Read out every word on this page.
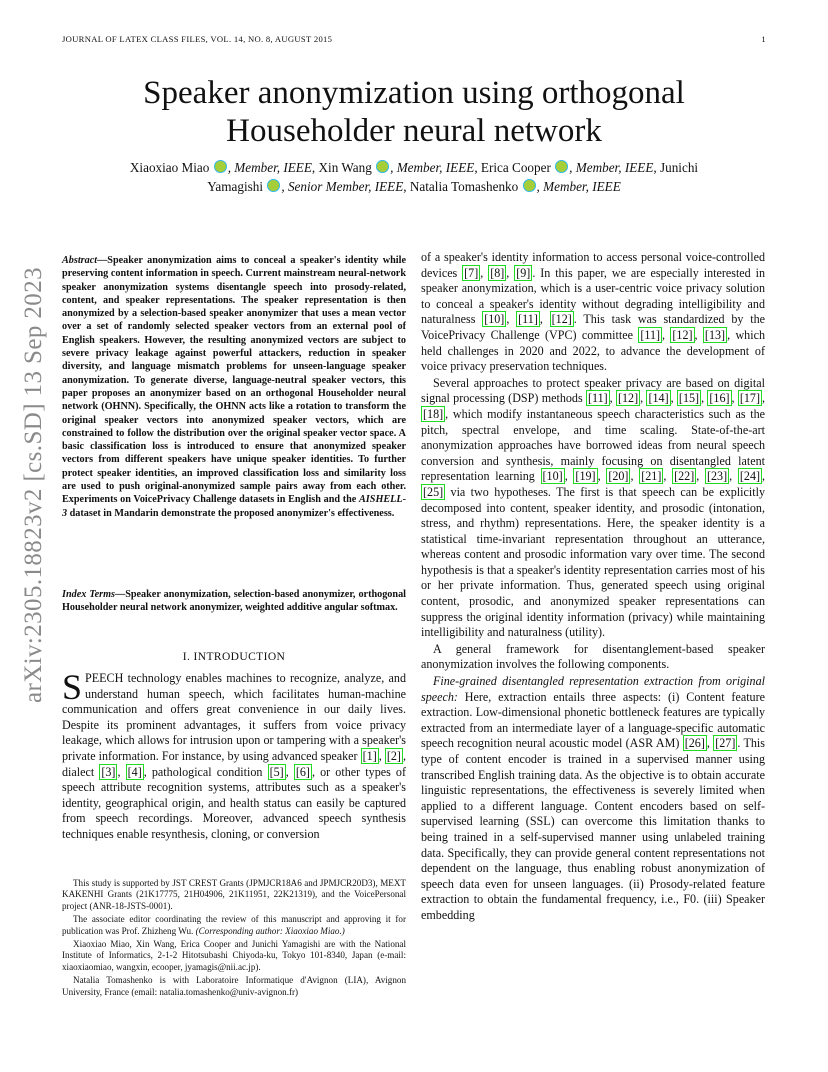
JOURNAL OF LATEX CLASS FILES, VOL. 14, NO. 8, AUGUST 2015	1
arXiv:2305.18823v2 [cs.SD] 13 Sep 2023
Speaker anonymization using orthogonal Householder neural network
Xiaoxiao Miao , Member, IEEE, Xin Wang , Member, IEEE, Erica Cooper , Member, IEEE, Junichi
Yamagishi , Senior Member, IEEE, Natalia Tomashenko , Member, IEEE
Abstract—Speaker anonymization aims to conceal a speaker's identity while preserving content information in speech. Current mainstream neural-network speaker anonymization systems disentangle speech into prosody-related, content, and speaker representations. The speaker representation is then anonymized by a selection-based speaker anonymizer that uses a mean vector over a set of randomly selected speaker vectors from an external pool of English speakers. However, the resulting anonymized vectors are subject to severe privacy leakage against powerful attackers, reduction in speaker diversity, and language mismatch problems for unseen-language speaker anonymization. To generate diverse, language-neutral speaker vectors, this paper proposes an anonymizer based on an orthogonal Householder neural network (OHNN). Specifically, the OHNN acts like a rotation to transform the original speaker vectors into anonymized speaker vectors, which are constrained to follow the distribution over the original speaker vector space. A basic classification loss is introduced to ensure that anonymized speaker vectors from different speakers have unique speaker identities. To further protect speaker identities, an improved classification loss and similarity loss are used to push original-anonymized sample pairs away from each other. Experiments on VoicePrivacy Challenge datasets in English and the AISHELL-3 dataset in Mandarin demonstrate the proposed anonymizer's effectiveness.
Index Terms—Speaker anonymization, selection-based anonymizer, orthogonal Householder neural network anonymizer, weighted additive angular softmax.
I. INTRODUCTION
SPEECH technology enables machines to recognize, analyze, and understand human speech, which facilitates human-machine communication and offers great convenience in our daily lives. Despite its prominent advantages, it suffers from voice privacy leakage, which allows for intrusion upon or tampering with a speaker's private information. For instance, by using advanced speaker [1] , [2] , dialect [3] , [4] , pathological condition [5] , [6] , or other types of speech attribute recognition systems, attributes such as a speaker's identity, geographical origin, and health status can easily be captured from speech recordings. Moreover, advanced speech synthesis techniques enable resynthesis, cloning, or conversion

This study is supported by JST CREST Grants (JPMJCR18A6 and JPMJCR20D3), MEXT KAKENHI Grants (21K17775, 21H04906, 21K11951, 22K21319), and the VoicePersonal project (ANR-18-JSTS-0001).

The associate editor coordinating the review of this manuscript and approving it for publication was Prof. Zhizheng Wu. (Corresponding author: Xiaoxiao Miao.)

Xiaoxiao Miao, Xin Wang, Erica Cooper and Junichi Yamagishi are with the National Institute of Informatics, 2-1-2 Hitotsubashi Chiyoda-ku, Tokyo 101-8340, Japan (e-mail: xiaoxiaomiao, wangxin, ecooper, jyamagis@nii.ac.jp).

Natalia Tomashenko is with Laboratoire Informatique d'Avignon (LIA), Avignon University, France (email: natalia.tomashenko@univ-avignon.fr)

of a speaker's identity information to access personal voice-controlled devices [7] , [8] , [9] . In this paper, we are especially interested in speaker anonymization, which is a user-centric voice privacy solution to conceal a speaker's identity without degrading intelligibility and naturalness [10] , [11] , [12] . This task was standardized by the VoicePrivacy Challenge (VPC) committee [11] , [12] , [13] , which held challenges in 2020 and 2022, to advance the development of voice privacy preservation techniques.

Several approaches to protect speaker privacy are based on digital signal processing (DSP) methods [11] , [12] , [14] , [15] , [16] , [17] , [18] , which modify instantaneous speech characteristics such as the pitch, spectral envelope, and time scaling. State-of-the-art anonymization approaches have borrowed ideas from neural speech conversion and synthesis, mainly focusing on disentangled latent representation learning [10] , [19] , [20] , [21] , [22] , [23] , [24] , [25] via two hypotheses. The first is that speech can be explicitly decomposed into content, speaker identity, and prosodic (intonation, stress, and rhythm) representations. Here, the speaker identity is a statistical time-invariant representation throughout an utterance, whereas content and prosodic information vary over time. The second hypothesis is that a speaker's identity representation carries most of his or her private information. Thus, generated speech using original content, prosodic, and anonymized speaker representations can suppress the original identity information (privacy) while maintaining intelligibility and naturalness (utility).

A general framework for disentanglement-based speaker anonymization involves the following components.

Fine-grained disentangled representation extraction from original speech: Here, extraction entails three aspects: (i) Content feature extraction. Low-dimensional phonetic bottleneck features are typically extracted from an intermediate layer of a language-specific automatic speech recognition neural acoustic model (ASR AM) [26] , [27] . This type of content encoder is trained in a supervised manner using transcribed English training data. As the objective is to obtain accurate linguistic representations, the effectiveness is severely limited when applied to a different language. Content encoders based on self-supervised learning (SSL) can overcome this limitation thanks to being trained in a self-supervised manner using unlabeled training data. Specifically, they can provide general content representations not dependent on the language, thus enabling robust anonymization of speech data even for unseen languages. (ii) Prosody-related feature extraction to obtain the fundamental frequency, i.e., F0. (iii) Speaker embedding
